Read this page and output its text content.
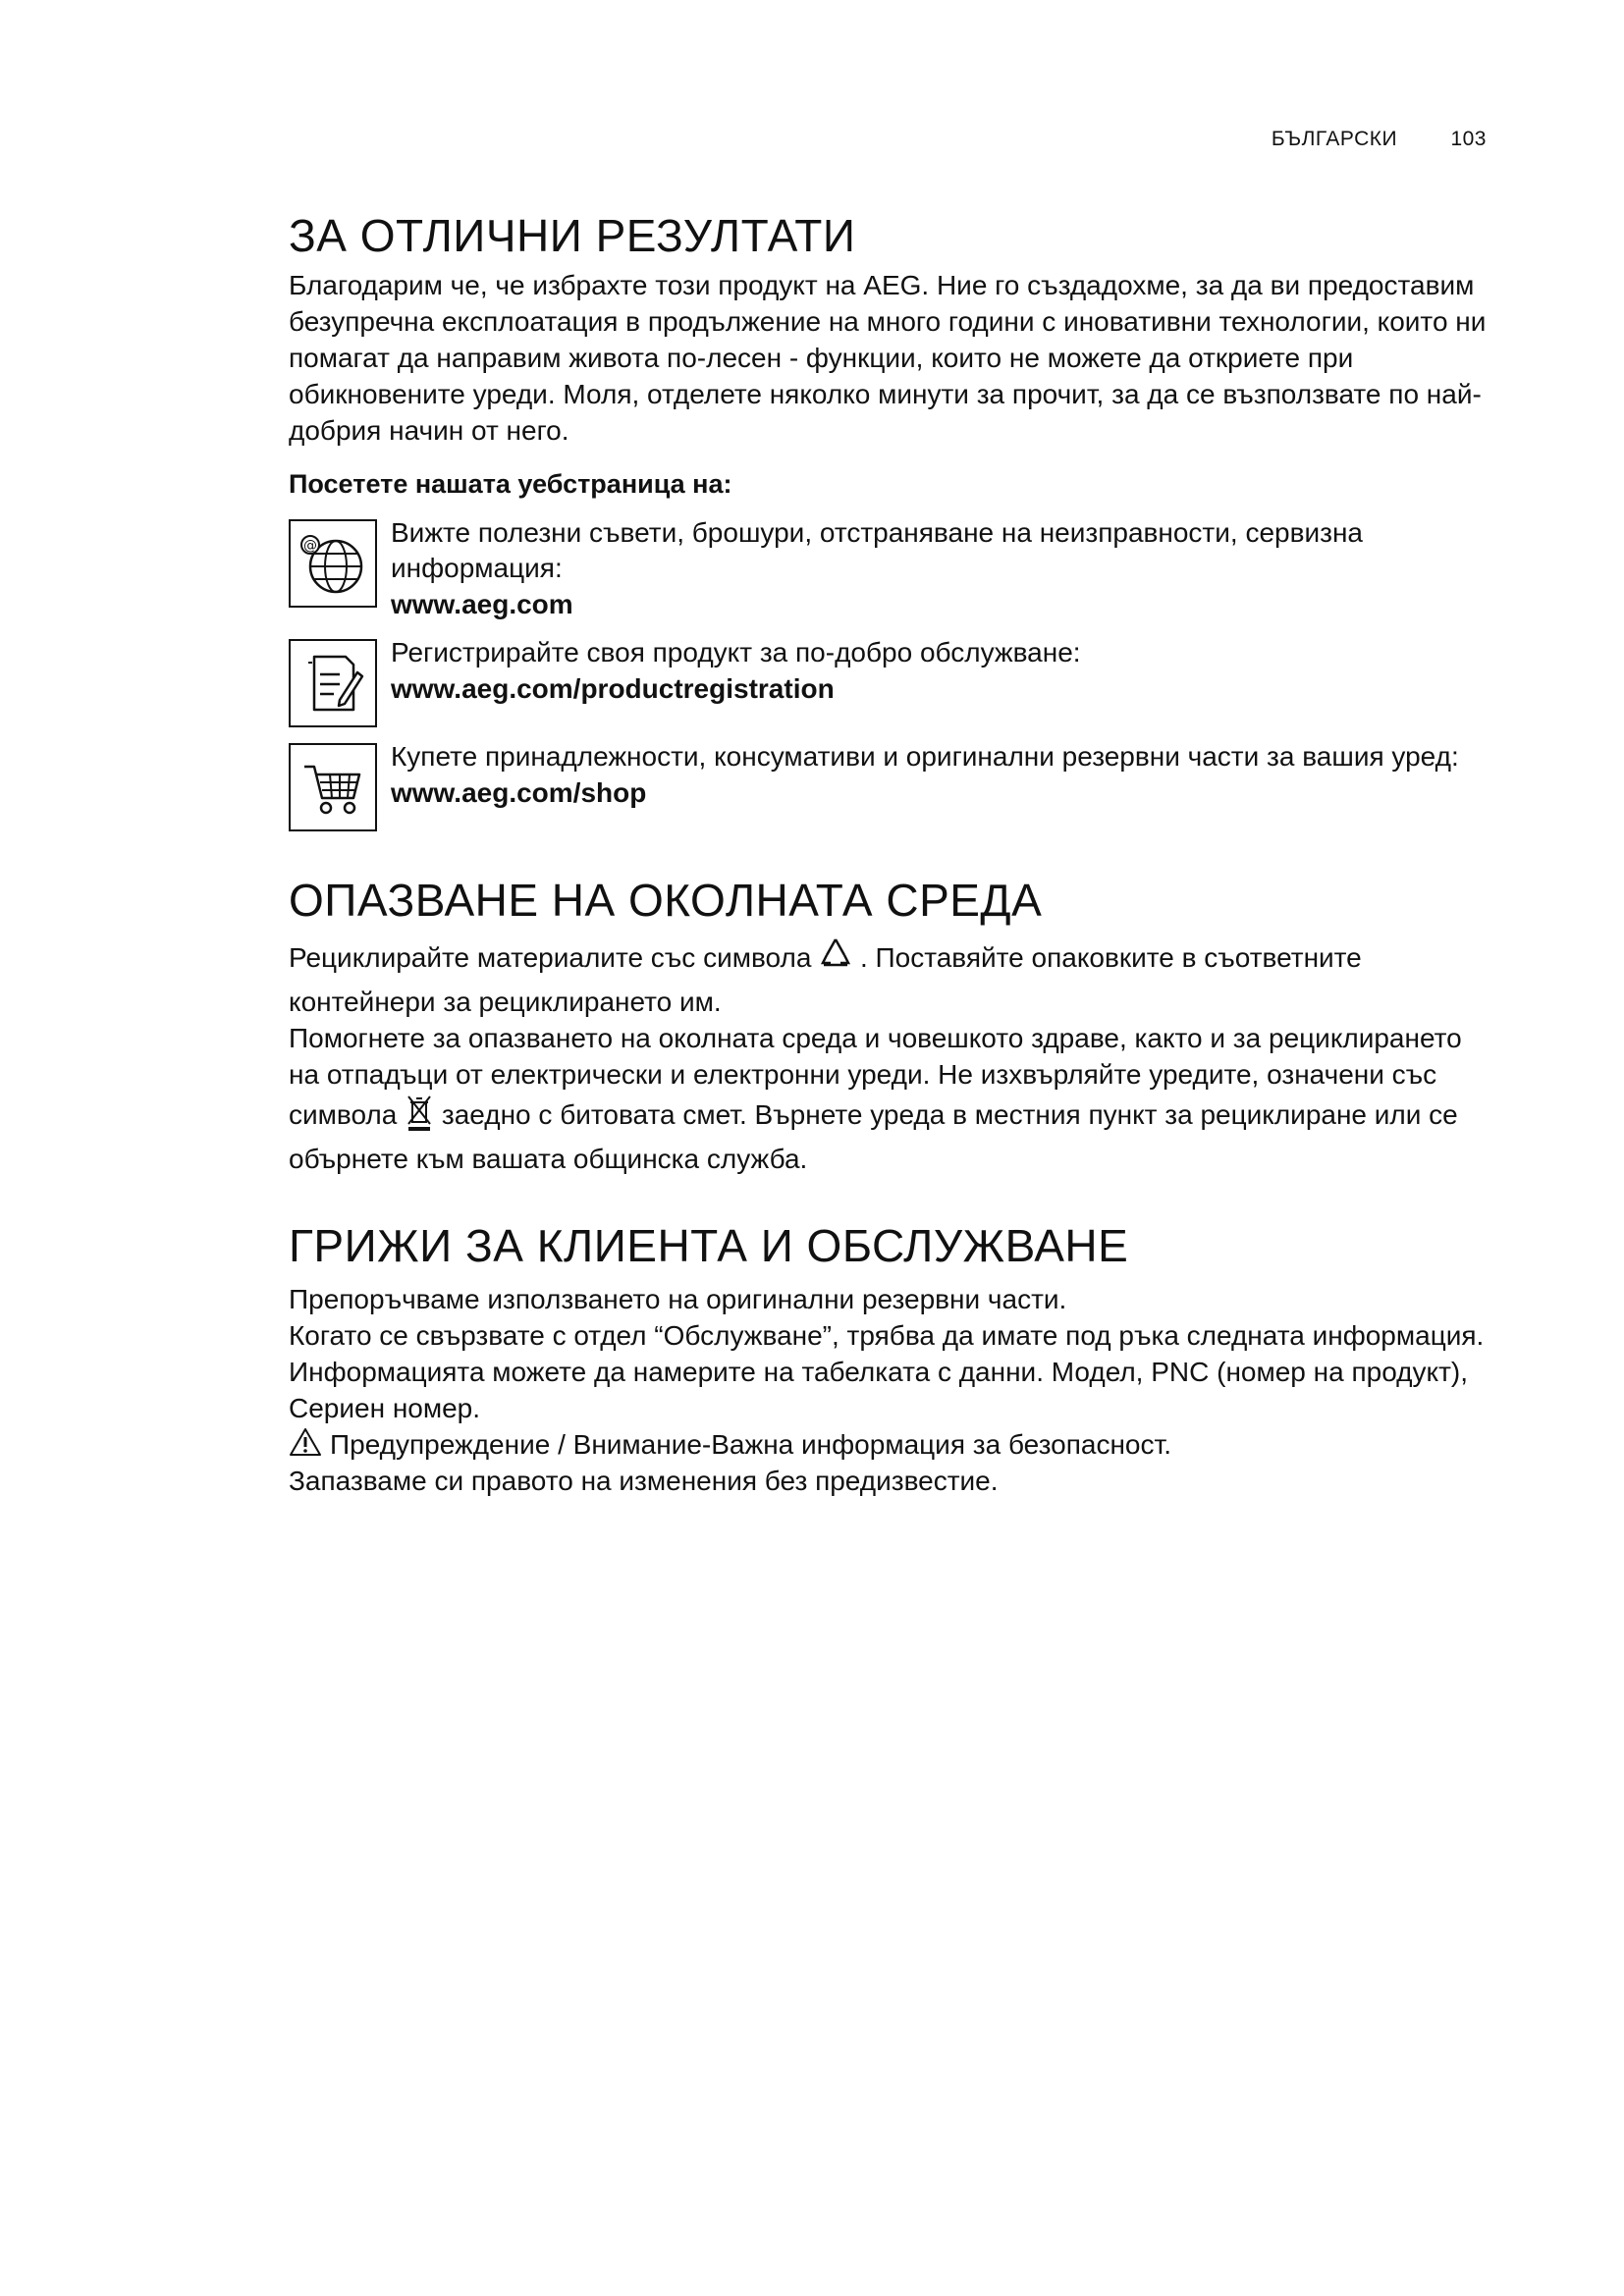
БЪЛГАРСКИ	103
ЗА ОТЛИЧНИ РЕЗУЛТАТИ

Благодарим че, че избрахте този продукт на AEG. Ние го създадохме, за да ви предоставим безупречна експлоатация в продължение на много години с иновативни технологии, които ни помагат да направим живота по-лесен - функции, които не можете да откриете при обикновените уреди. Моля, отделете няколко минути за прочит, за да се възползвате по най-добрия начин от него.

Посетете нашата уебстраница на:
@	Вижте полезни съвети, брошури, отстраняване на неизправности, сервизна информация:

www.aeg.com

Регистрирайте своя продукт за по-добро обслужване:

www.aeg.com/productregistration

Купете принадлежности, консумативи и оригинални резервни части за вашия уред:

www.aeg.com/shop
ОПАЗВАНЕ НА ОКОЛНАТА СРЕДА

Рециклирайте материалите със символа . Поставяйте опаковките в съответните контейнери за рециклирането им.

Помогнете за опазването на околната среда и човешкото здраве, както и за рециклирането на отпадъци от електрически и електронни уреди. Не изхвърляйте уредите, означени със символа  заедно с битовата смет. Върнете уреда в местния пункт за рециклиране или се обърнете към вашата общинска служба.

ГРИЖИ ЗА КЛИЕНТА И ОБСЛУЖВАНЕ

Препоръчваме използването на оригинални резервни части.

Когато се свързвате с отдел “Обслужване”, трябва да имате под ръка следната информация.

Информацията можете да намерите на табелката с данни. Модел, PNC (номер на продукт), Сериен номер.

Предупреждение / Внимание-Важна информация за безопасност.

Запазваме си правото на изменения без предизвестие.
